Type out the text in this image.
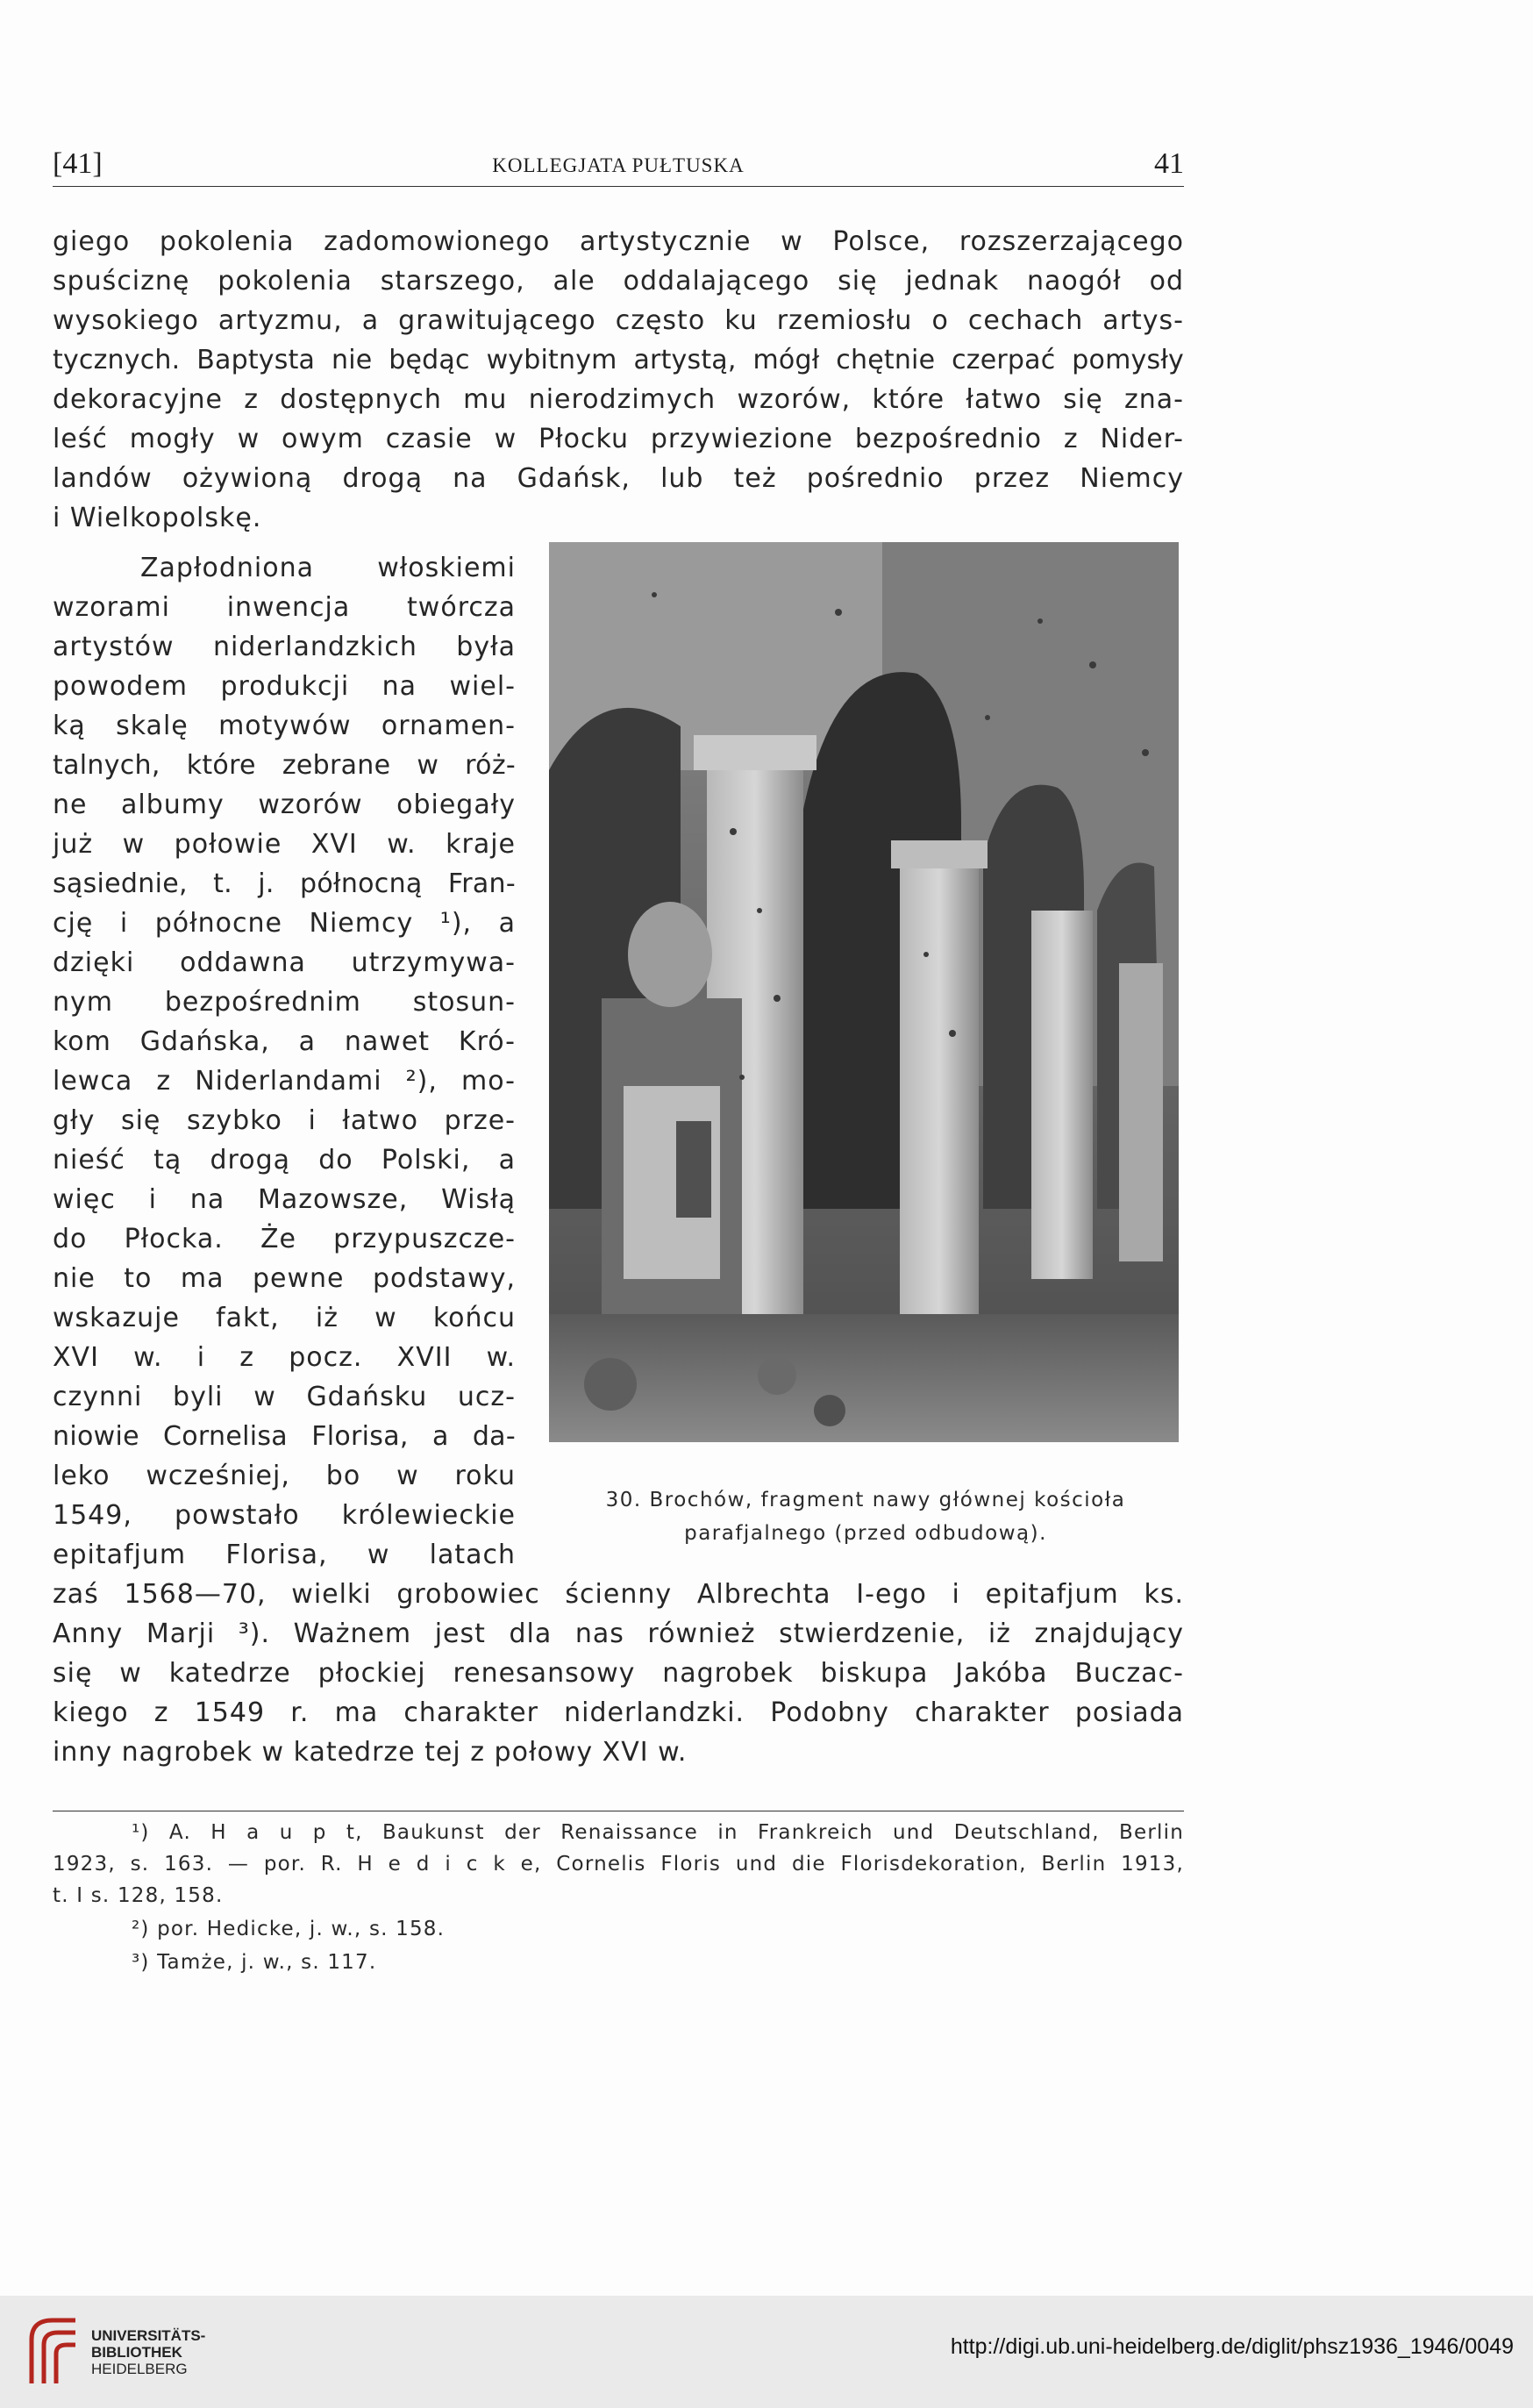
[41]	KOLLEGJATA PUŁTUSKA	41
giego pokolenia zadomowionego artystycznie w Polsce, rozszerzającego
spuściznę pokolenia starszego, ale oddalającego się jednak naogół od
wysokiego artyzmu, a grawitującego często ku rzemiosłu o cechach artys-
tycznych. Baptysta nie będąc wybitnym artystą, mógł chętnie czerpać pomysły
dekoracyjne z dostępnych mu nierodzimych wzorów, które łatwo się zna-
leść mogły w owym czasie w Płocku przywiezione bezpośrednio z Nider-
landów ożywioną drogą na Gdańsk, lub też pośrednio przez Niemcy
i Wielkopolskę.
Zapłodniona włoskiemi
wzorami inwencja twórcza
artystów niderlandzkich była
powodem produkcji na wiel-
ką skalę motywów ornamen-
talnych, które zebrane w róż-
ne albumy wzorów obiegały
już w połowie XVI w. kraje
sąsiednie, t. j. północną Fran-
cję i północne Niemcy ¹), a
dzięki oddawna utrzymywa-
nym bezpośrednim stosun-
kom Gdańska, a nawet Kró-
lewca z Niderlandami ²), mo-
gły się szybko i łatwo prze-
nieść tą drogą do Polski, a
więc i na Mazowsze, Wisłą
do Płocka. Że przypuszcze-
nie to ma pewne podstawy,
wskazuje fakt, iż w końcu
XVI w. i z pocz. XVII w.
czynni byli w Gdańsku ucz-
niowie Cornelisa Florisa, a da-
leko wcześniej, bo w roku
1549, powstało królewieckie
epitafjum Florisa, w latach
zaś 1568—70, wielki grobowiec ścienny Albrechta I-ego i epitafjum ks.
Anny Marji ³). Ważnem jest dla nas również stwierdzenie, iż znajdujący
się w katedrze płockiej renesansowy nagrobek biskupa Jakóba Buczac-
kiego z 1549 r. ma charakter niderlandzki. Podobny charakter posiada
inny nagrobek w katedrze tej z połowy XVI w.
30. Brochów, fragment nawy głównej kościoła
parafjalnego (przed odbudową).
¹) A. H a u p t, Baukunst der Renaissance in Frankreich und Deutschland, Berlin
1923, s. 163. — por. R. H e d i c k e, Cornelis Floris und die Florisdekoration, Berlin 1913,
t. I s. 128, 158.
²) por. Hedicke, j. w., s. 158.
³) Tamże, j. w., s. 117.
UNIVERSITÄTS-
BIBLIOTHEK
HEIDELBERG
http://digi.ub.uni-heidelberg.de/diglit/phsz1936_1946/0049
